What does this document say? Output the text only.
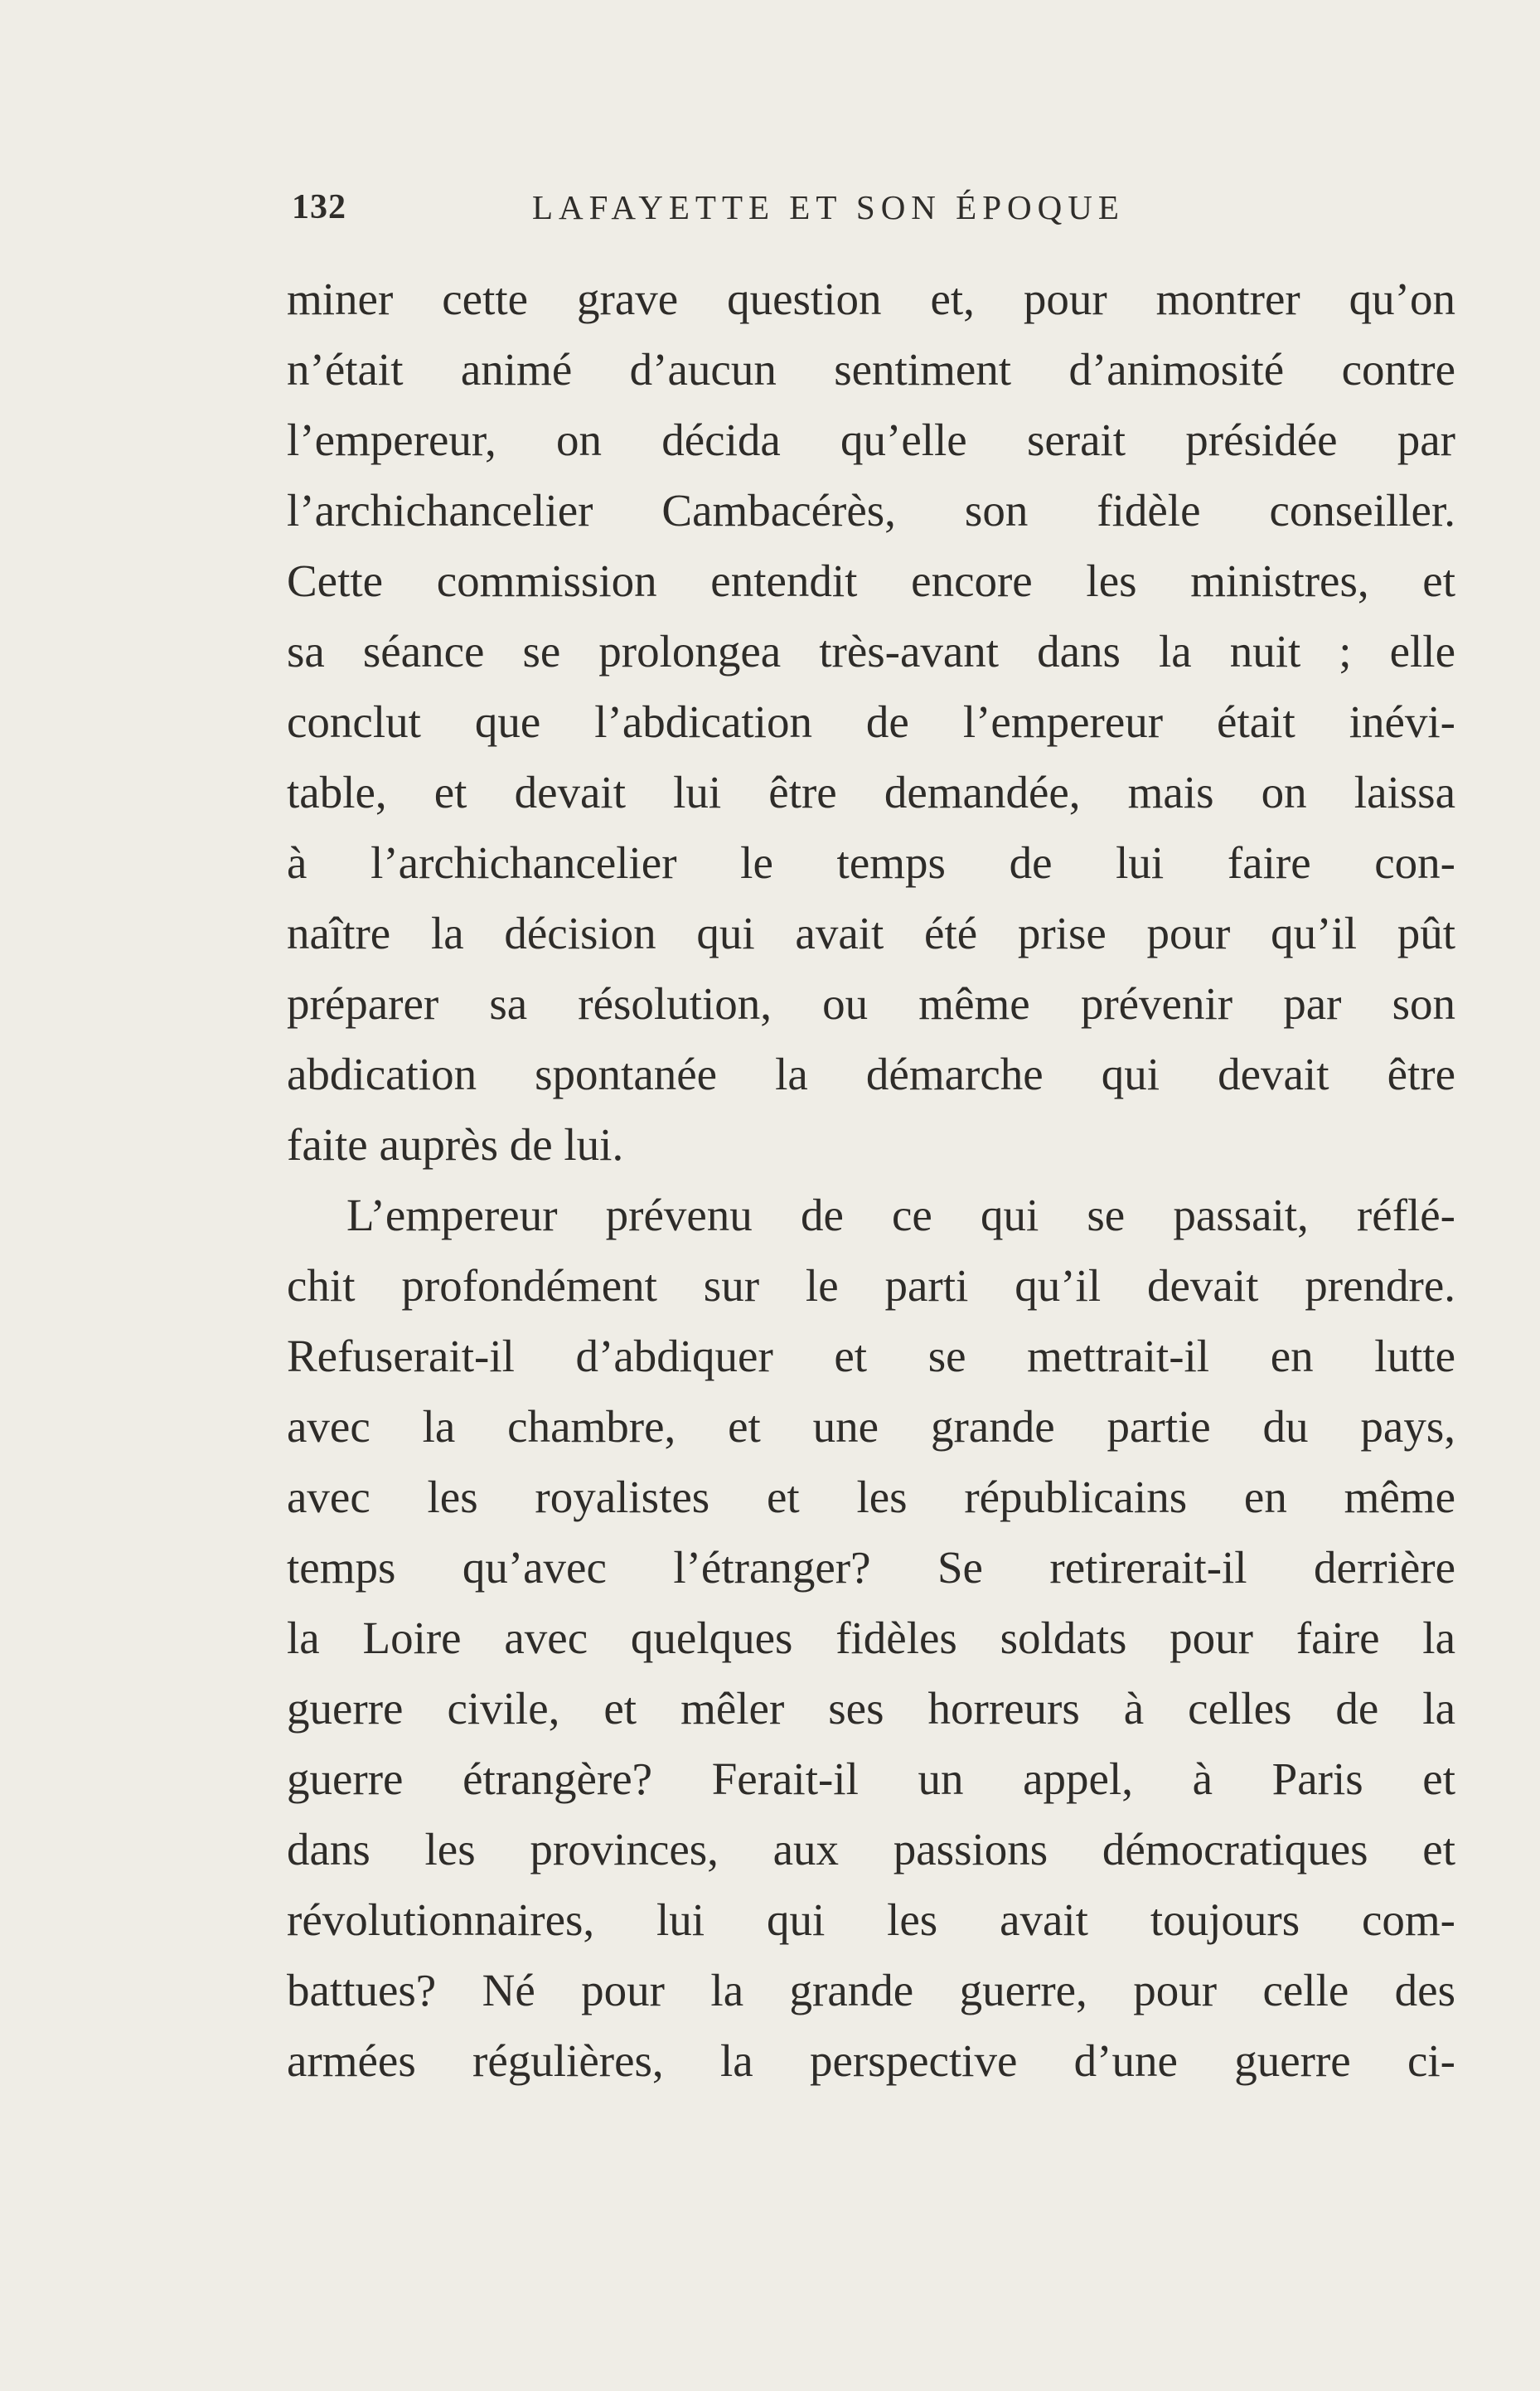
132	LAFAYETTE ET SON ÉPOQUE
miner cette grave question et, pour montrer qu’on
n’était animé d’aucun sentiment d’animosité contre
l’empereur, on décida qu’elle serait présidée par
l’archichancelier Cambacérès, son fidèle conseiller.
Cette commission entendit encore les ministres, et
sa séance se prolongea très-avant dans la nuit ; elle
conclut que l’abdication de l’empereur était inévi-
table, et devait lui être demandée, mais on laissa
à l’archichancelier le temps de lui faire con-
naître la décision qui avait été prise pour qu’il pût
préparer sa résolution, ou même prévenir par son
abdication spontanée la démarche qui devait être
faite auprès de lui.
L’empereur prévenu de ce qui se passait, réflé-
chit profondément sur le parti qu’il devait prendre.
Refuserait-il d’abdiquer et se mettrait-il en lutte
avec la chambre, et une grande partie du pays,
avec les royalistes et les républicains en même
temps qu’avec l’étranger? Se retirerait-il derrière
la Loire avec quelques fidèles soldats pour faire la
guerre civile, et mêler ses horreurs à celles de la
guerre étrangère? Ferait-il un appel, à Paris et
dans les provinces, aux passions démocratiques et
révolutionnaires, lui qui les avait toujours com-
battues? Né pour la grande guerre, pour celle des
armées régulières, la perspective d’une guerre ci-
